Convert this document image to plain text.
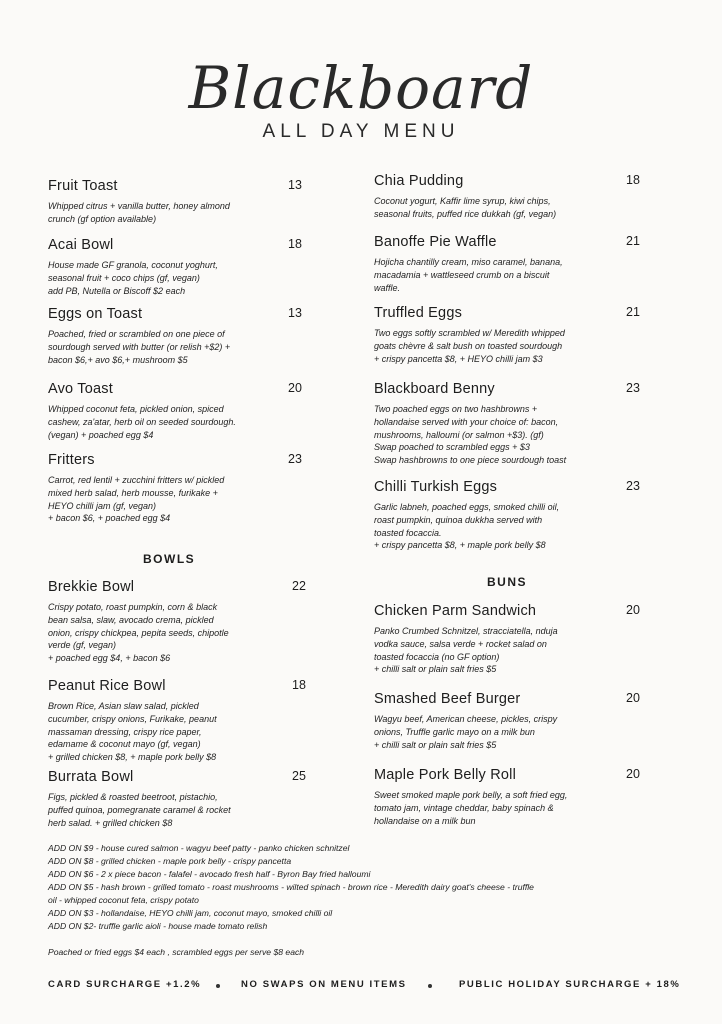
Blackboard
ALL DAY MENU
Fruit Toast	13
Whipped citrus + vanilla butter, honey almond
crunch (gf option available)
Acai Bowl	18
House made GF granola, coconut yoghurt,
seasonal fruit + coco chips (gf, vegan)
add PB, Nutella or Biscoff $2 each
Eggs on Toast	13
Poached, fried or scrambled on one piece of
sourdough served with butter (or relish +$2) +
bacon $6,+ avo $6,+ mushroom $5
Avo Toast	20
Whipped coconut feta, pickled onion, spiced
cashew, za'atar, herb oil on seeded sourdough.
(vegan) + poached egg $4
Fritters	23
Carrot, red lentil + zucchini fritters w/ pickled
mixed herb salad, herb mousse, furikake +
HEYO chilli jam (gf, vegan)
+ bacon $6, + poached egg $4
BOWLS
Brekkie Bowl	22
Crispy potato, roast pumpkin, corn & black
bean salsa, slaw, avocado crema, pickled
onion, crispy chickpea, pepita seeds, chipotle
verde (gf, vegan)
+ poached egg $4, + bacon $6
Peanut Rice Bowl	18
Brown Rice, Asian slaw salad, pickled
cucumber, crispy onions, Furikake, peanut
massaman dressing, crispy rice paper,
edamame & coconut mayo (gf, vegan)
+ grilled chicken $8, + maple pork belly $8
Burrata Bowl	25
Figs, pickled & roasted beetroot, pistachio,
puffed quinoa, pomegranate caramel & rocket
herb salad. + grilled chicken $8
Chia Pudding	18
Coconut yogurt, Kaffir lime syrup, kiwi chips,
seasonal fruits, puffed rice dukkah (gf, vegan)
Banoffe Pie Waffle	21
Hojicha chantilly cream, miso caramel, banana,
macadamia + wattleseed crumb on a biscuit
waffle.
Truffled Eggs	21
Two eggs softly scrambled w/ Meredith whipped
goats chèvre & salt bush on toasted sourdough
+ crispy pancetta $8, + HEYO chilli jam $3
Blackboard Benny	23
Two poached eggs on two hashbrowns +
hollandaise served with your choice of: bacon,
mushrooms, halloumi (or salmon +$3). (gf)
Swap poached to scrambled eggs + $3
Swap hashbrowns to one piece sourdough toast
Chilli Turkish Eggs	23
Garlic labneh, poached eggs, smoked chilli oil,
roast pumpkin, quinoa dukkha served with
toasted focaccia.
+ crispy pancetta $8, + maple pork belly $8
BUNS
Chicken Parm Sandwich	20
Panko Crumbed Schnitzel, stracciatella, nduja
vodka sauce, salsa verde + rocket salad on
toasted focaccia (no GF option)
+ chilli salt or plain salt fries $5
Smashed Beef Burger	20
Wagyu beef, American cheese, pickles, crispy
onions, Truffle garlic mayo on a milk bun
+ chilli salt or plain salt fries $5
Maple Pork Belly Roll	20
Sweet smoked maple pork belly, a soft fried egg,
tomato jam, vintage cheddar, baby spinach &
hollandaise on a milk bun
ADD ON $9 - house cured salmon - wagyu beef patty - panko chicken schnitzel
ADD ON $8 - grilled chicken - maple pork belly - crispy pancetta
ADD ON $6 - 2 x piece bacon - falafel - avocado fresh half - Byron Bay fried halloumi
ADD ON $5 - hash brown - grilled tomato - roast mushrooms - wilted spinach - brown rice - Meredith dairy goat's cheese - truffle
oil - whipped coconut feta, crispy potato
ADD ON $3 - hollandaise, HEYO chilli jam, coconut mayo, smoked chilli oil
ADD ON $2- truffle garlic aioli - house made tomato relish
Poached or fried eggs $4 each , scrambled eggs per serve $8 each
CARD SURCHARGE +1.2%	NO SWAPS ON MENU ITEMS	PUBLIC HOLIDAY SURCHARGE + 18%
